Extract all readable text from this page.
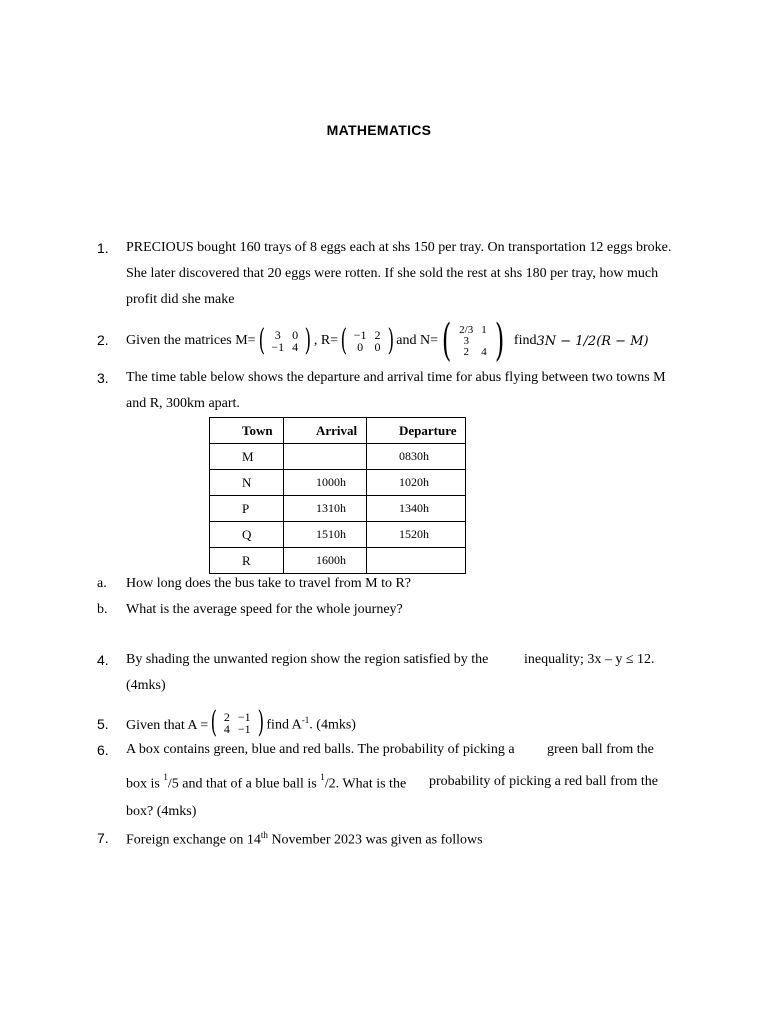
MATHEMATICS
1. PRECIOUS bought 160 trays of 8 eggs each at shs 150 per tray. On transportation 12 eggs broke.
She later discovered that 20 eggs were rotten. If she sold the rest at shs 180 per tray, how much
profit did she make
2. Given the matrices M= ( 3	0
−1	4 ) , R= ( −1	2
0	0 ) and N= ( 2/3	1
3	
2	4 ) find 3N − 1/2(R − M)
3. The time table below shows the departure and arrival time for abus flying between two towns M
and R, 300km apart.
Town	Arrival	Departure
M		0830h
N	1000h	1020h
P	1310h	1340h
Q	1510h	1520h
R	1600h	
a. How long does the bus take to travel from M to R?
b. What is the average speed for the whole journey?
4. By shading the unwanted region show the region satisfied by the	inequality; 3x – y ≤ 12.
(4mks)
5. Given that A = ( 2	−1
4	−1 ) find $A^{-1}$. (4mks)
6. A box contains green, blue and red balls. The probability of picking a green ball from the
box is $^1$/5 and that of a blue ball is $^1$/2. What is the probability of picking a red ball from the
box? (4mks)
7. Foreign exchange on 14th November 2023 was given as follows
